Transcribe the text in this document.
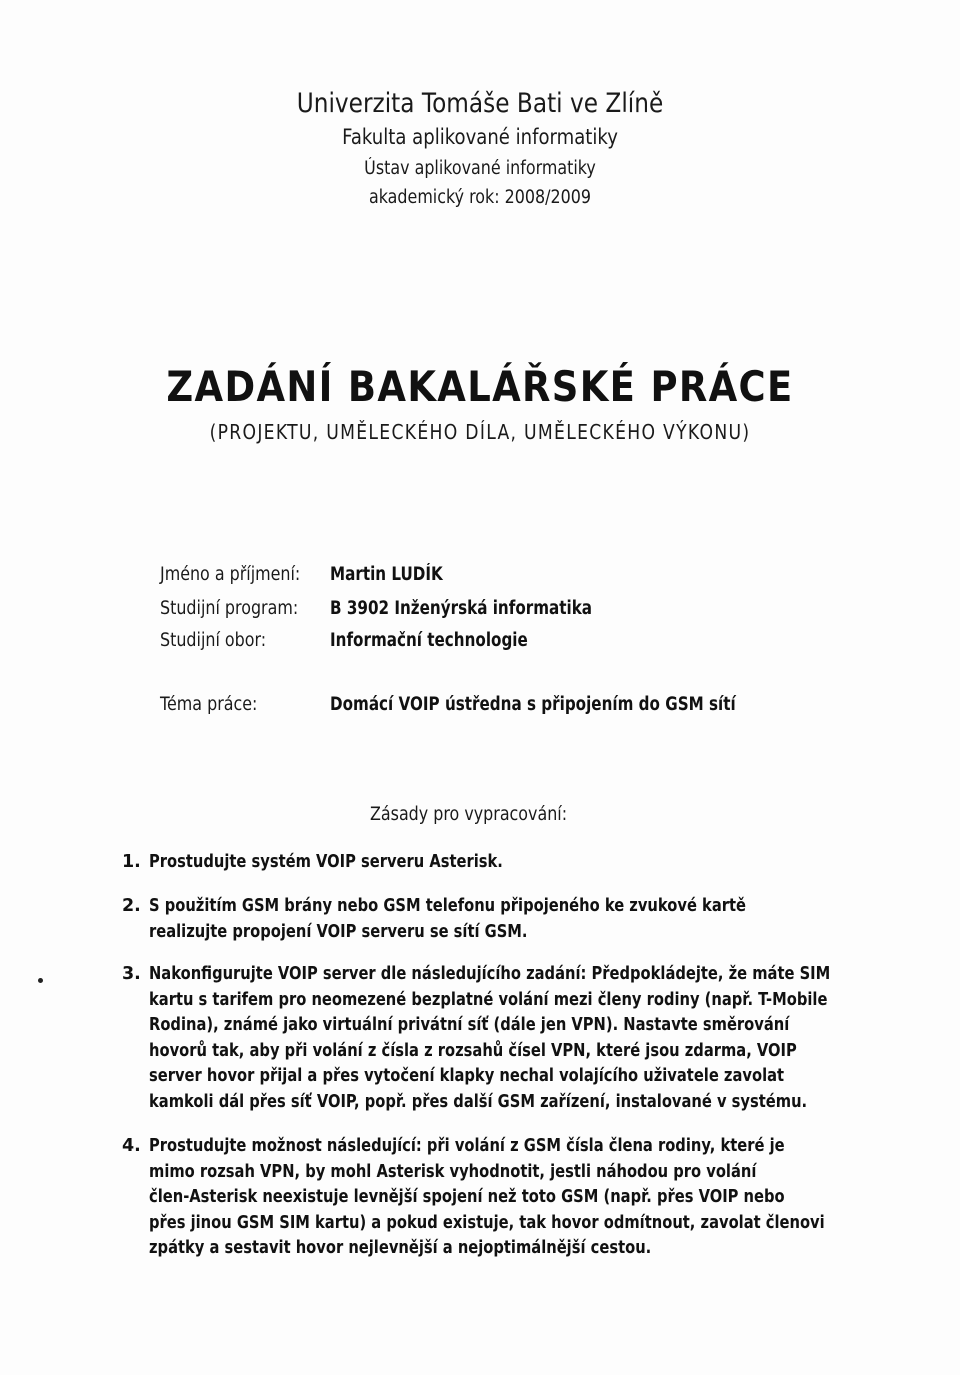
Univerzita Tomáše Bati ve Zlíně
Fakulta aplikované informatiky
Ústav aplikované informatiky
akademický rok: 2008/2009
ZADÁNÍ BAKALÁŘSKÉ PRÁCE
(PROJEKTU, UMĚLECKÉHO DÍLA, UMĚLECKÉHO VÝKONU)
Jméno a příjmení: Martin LUDÍK
Studijní program: B 3902 Inženýrská informatika
Studijní obor:	Informační technologie
Téma práce:	Domácí VOIP ústředna s připojením do GSM sítí
Zásady pro vypracování:
1. Prostudujte systém VOIP serveru Asterisk.
2. S použitím GSM brány nebo GSM telefonu připojeného ke zvukové kartě
realizujte propojení VOIP serveru se sítí GSM.
3. Nakonfigurujte VOIP server dle následujícího zadání: Předpokládejte, že máte SIM
kartu s tarifem pro neomezené bezplatné volání mezi členy rodiny (např. T-Mobile
Rodina), známé jako virtuální privátní síť (dále jen VPN). Nastavte směrování
hovorů tak, aby při volání z čísla z rozsahů čísel VPN, které jsou zdarma, VOIP
server hovor přijal a přes vytočení klapky nechal volajícího uživatele zavolat
kamkoli dál přes síť VOIP, popř. přes další GSM zařízení, instalované v systému.
4. Prostudujte možnost následující: při volání z GSM čísla člena rodiny, které je
mimo rozsah VPN, by mohl Asterisk vyhodnotit, jestli náhodou pro volání
člen-Asterisk neexistuje levnější spojení než toto GSM (např. přes VOIP nebo
přes jinou GSM SIM kartu) a pokud existuje, tak hovor odmítnout, zavolat členovi
zpátky a sestavit hovor nejlevnější a nejoptimálnější cestou.
